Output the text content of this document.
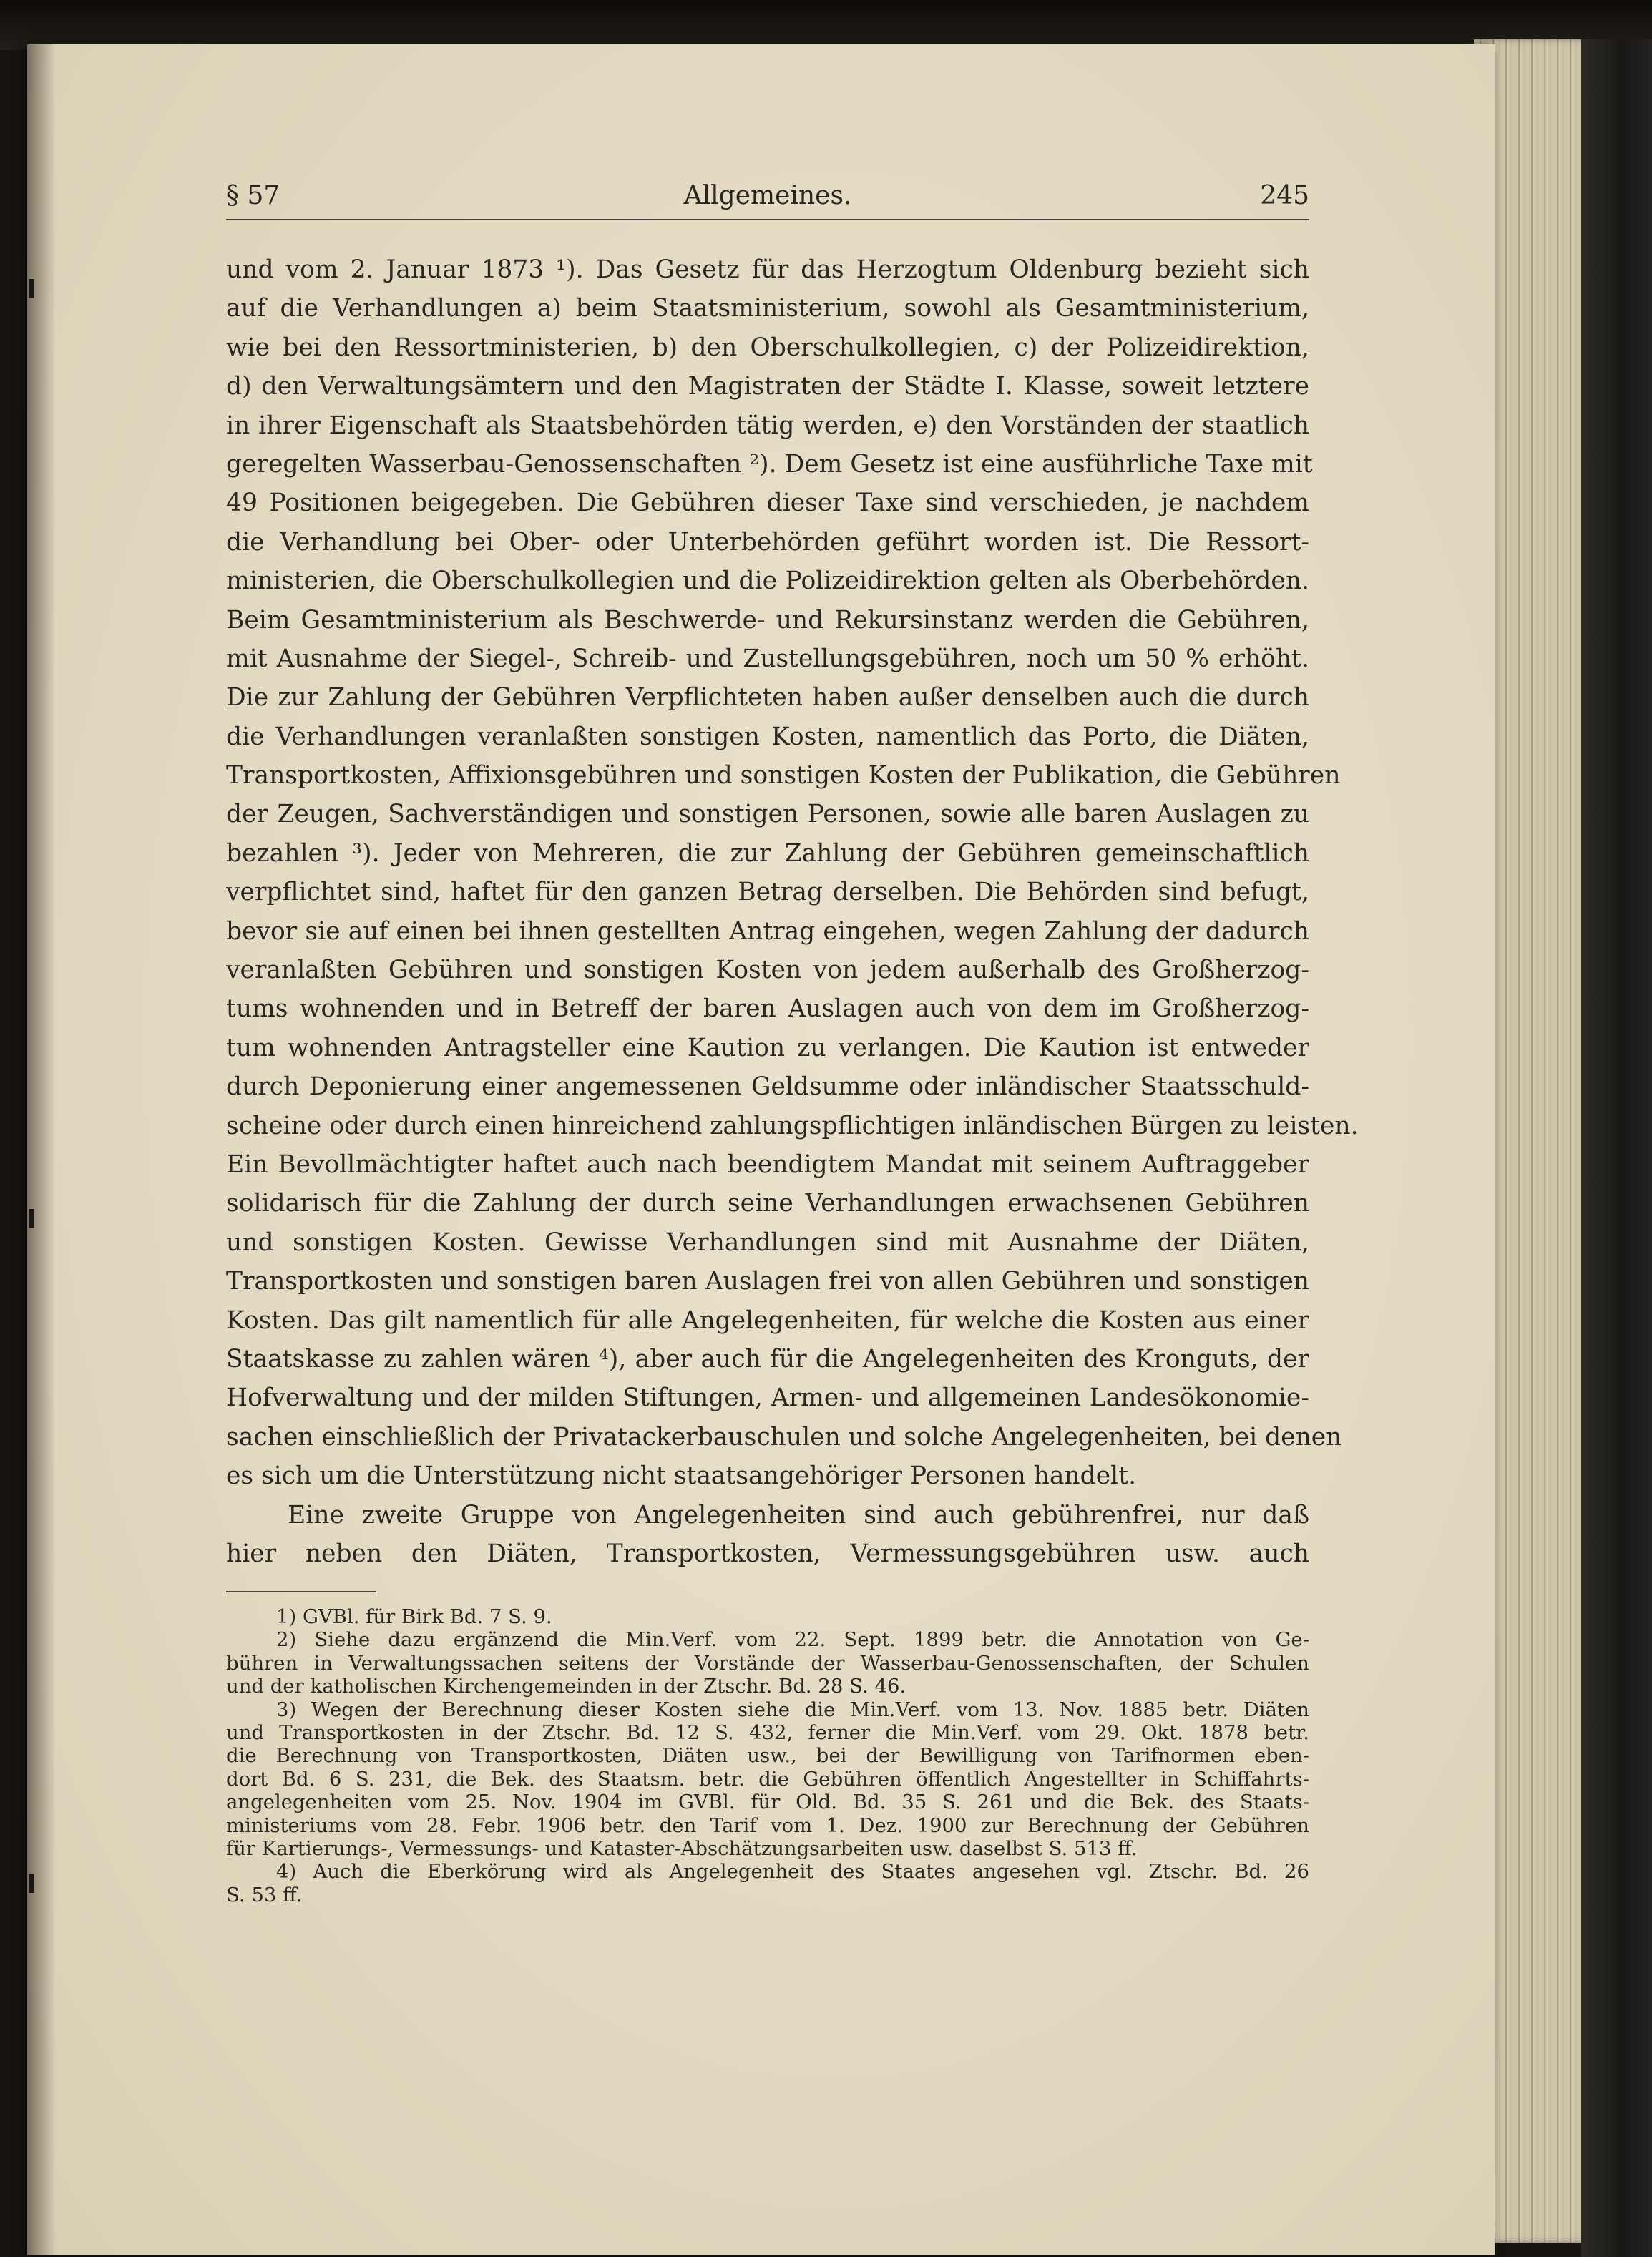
§ 57	Allgemeines.	245
und vom 2. Januar 1873 ¹). Das Gesetz für das Herzogtum Oldenburg bezieht sich
auf die Verhandlungen a) beim Staatsministerium, sowohl als Gesamtministerium,
wie bei den Ressortministerien, b) den Oberschulkollegien, c) der Polizeidirektion,
d) den Verwaltungsämtern und den Magistraten der Städte I. Klasse, soweit letztere
in ihrer Eigenschaft als Staatsbehörden tätig werden, e) den Vorständen der staatlich
geregelten Wasserbau-Genossenschaften ²). Dem Gesetz ist eine ausführliche Taxe mit
49 Positionen beigegeben. Die Gebühren dieser Taxe sind verschieden, je nachdem
die Verhandlung bei Ober- oder Unterbehörden geführt worden ist. Die Ressort-
ministerien, die Oberschulkollegien und die Polizeidirektion gelten als Oberbehörden.
Beim Gesamtministerium als Beschwerde- und Rekursinstanz werden die Gebühren,
mit Ausnahme der Siegel-, Schreib- und Zustellungsgebühren, noch um 50 % erhöht.
Die zur Zahlung der Gebühren Verpflichteten haben außer denselben auch die durch
die Verhandlungen veranlaßten sonstigen Kosten, namentlich das Porto, die Diäten,
Transportkosten, Affixionsgebühren und sonstigen Kosten der Publikation, die Gebühren
der Zeugen, Sachverständigen und sonstigen Personen, sowie alle baren Auslagen zu
bezahlen ³). Jeder von Mehreren, die zur Zahlung der Gebühren gemeinschaftlich
verpflichtet sind, haftet für den ganzen Betrag derselben. Die Behörden sind befugt,
bevor sie auf einen bei ihnen gestellten Antrag eingehen, wegen Zahlung der dadurch
veranlaßten Gebühren und sonstigen Kosten von jedem außerhalb des Großherzog-
tums wohnenden und in Betreff der baren Auslagen auch von dem im Großherzog-
tum wohnenden Antragsteller eine Kaution zu verlangen. Die Kaution ist entweder
durch Deponierung einer angemessenen Geldsumme oder inländischer Staatsschuld-
scheine oder durch einen hinreichend zahlungspflichtigen inländischen Bürgen zu leisten.
Ein Bevollmächtigter haftet auch nach beendigtem Mandat mit seinem Auftraggeber
solidarisch für die Zahlung der durch seine Verhandlungen erwachsenen Gebühren
und sonstigen Kosten. Gewisse Verhandlungen sind mit Ausnahme der Diäten,
Transportkosten und sonstigen baren Auslagen frei von allen Gebühren und sonstigen
Kosten. Das gilt namentlich für alle Angelegenheiten, für welche die Kosten aus einer
Staatskasse zu zahlen wären ⁴), aber auch für die Angelegenheiten des Kronguts, der
Hofverwaltung und der milden Stiftungen, Armen- und allgemeinen Landesökonomie-
sachen einschließlich der Privatackerbauschulen und solche Angelegenheiten, bei denen
es sich um die Unterstützung nicht staatsangehöriger Personen handelt.
Eine zweite Gruppe von Angelegenheiten sind auch gebührenfrei, nur daß
hier neben den Diäten, Transportkosten, Vermessungsgebühren usw. auch
1) GVBl. für Birk Bd. 7 S. 9.
2) Siehe dazu ergänzend die Min.Verf. vom 22. Sept. 1899 betr. die Annotation von Ge-
bühren in Verwaltungssachen seitens der Vorstände der Wasserbau-Genossenschaften, der Schulen
und der katholischen Kirchengemeinden in der Ztschr. Bd. 28 S. 46.
3) Wegen der Berechnung dieser Kosten siehe die Min.Verf. vom 13. Nov. 1885 betr. Diäten
und Transportkosten in der Ztschr. Bd. 12 S. 432, ferner die Min.Verf. vom 29. Okt. 1878 betr.
die Berechnung von Transportkosten, Diäten usw., bei der Bewilligung von Tarifnormen eben-
dort Bd. 6 S. 231, die Bek. des Staatsm. betr. die Gebühren öffentlich Angestellter in Schiffahrts-
angelegenheiten vom 25. Nov. 1904 im GVBl. für Old. Bd. 35 S. 261 und die Bek. des Staats-
ministeriums vom 28. Febr. 1906 betr. den Tarif vom 1. Dez. 1900 zur Berechnung der Gebühren
für Kartierungs-, Vermessungs- und Kataster-Abschätzungsarbeiten usw. daselbst S. 513 ff.
4) Auch die Eberkörung wird als Angelegenheit des Staates angesehen vgl. Ztschr. Bd. 26
S. 53 ff.
